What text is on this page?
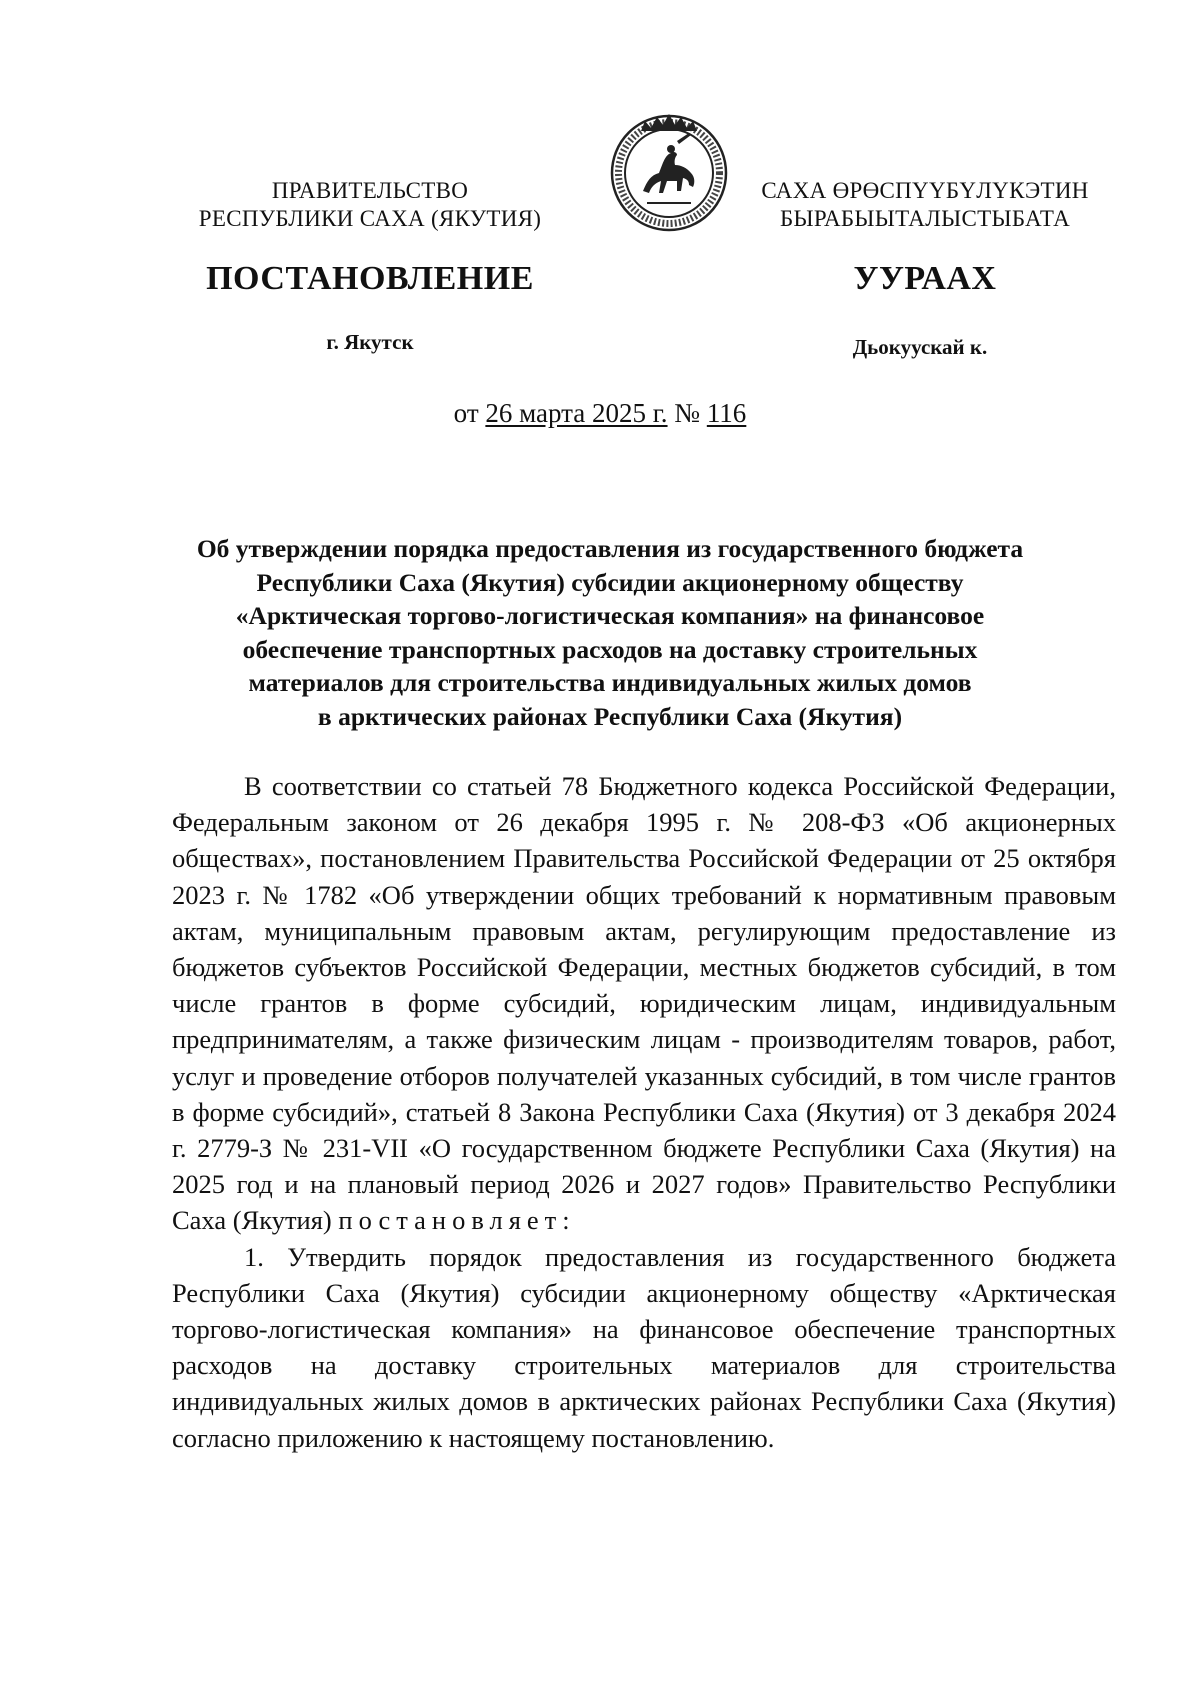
ПРАВИТЕЛЬСТВО
РЕСПУБЛИКИ САХА (ЯКУТИЯ)
САХА ӨРӨСПҮҮБҮЛҮКЭТИН
БЫРАБЫЫТАЛЫСТЫБАТА
ПОСТАНОВЛЕНИЕ	УУРААХ
г. Якутск	Дьокуускай к.
от 26 марта 2025 г. № 116
Об утверждении порядка предоставления из государственного бюджета
Республики Саха (Якутия) субсидии акционерному обществу
«Арктическая торгово-логистическая компания» на финансовое
обеспечение транспортных расходов на доставку строительных
материалов для строительства индивидуальных жилых домов
в арктических районах Республики Саха (Якутия)

В соответствии со статьей 78 Бюджетного кодекса Российской Федерации, Федеральным законом от 26 декабря 1995 г. № 208-ФЗ «Об акционерных обществах», постановлением Правительства Российской Федерации от 25 октября 2023 г. № 1782 «Об утверждении общих требований к нормативным правовым актам, муниципальным правовым актам, регулирующим предоставление из бюджетов субъектов Российской Федерации, местных бюджетов субсидий, в том числе грантов в форме субсидий, юридическим лицам, индивидуальным предпринимателям, а также физическим лицам - производителям товаров, работ, услуг и проведение отборов получателей указанных субсидий, в том числе грантов в форме субсидий», статьей 8 Закона Республики Саха (Якутия) от 3 декабря 2024 г. 2779-З № 231-VII «О государственном бюджете Республики Саха (Якутия) на 2025 год и на плановый период 2026 и 2027 годов» Правительство Республики Саха (Якутия) постановляет:

1. Утвердить порядок предоставления из государственного бюджета Республики Саха (Якутия) субсидии акционерному обществу «Арктическая торгово-логистическая компания» на финансовое обеспечение транспортных расходов на доставку строительных материалов для строительства индивидуальных жилых домов в арктических районах Республики Саха (Якутия) согласно приложению к настоящему постановлению.
